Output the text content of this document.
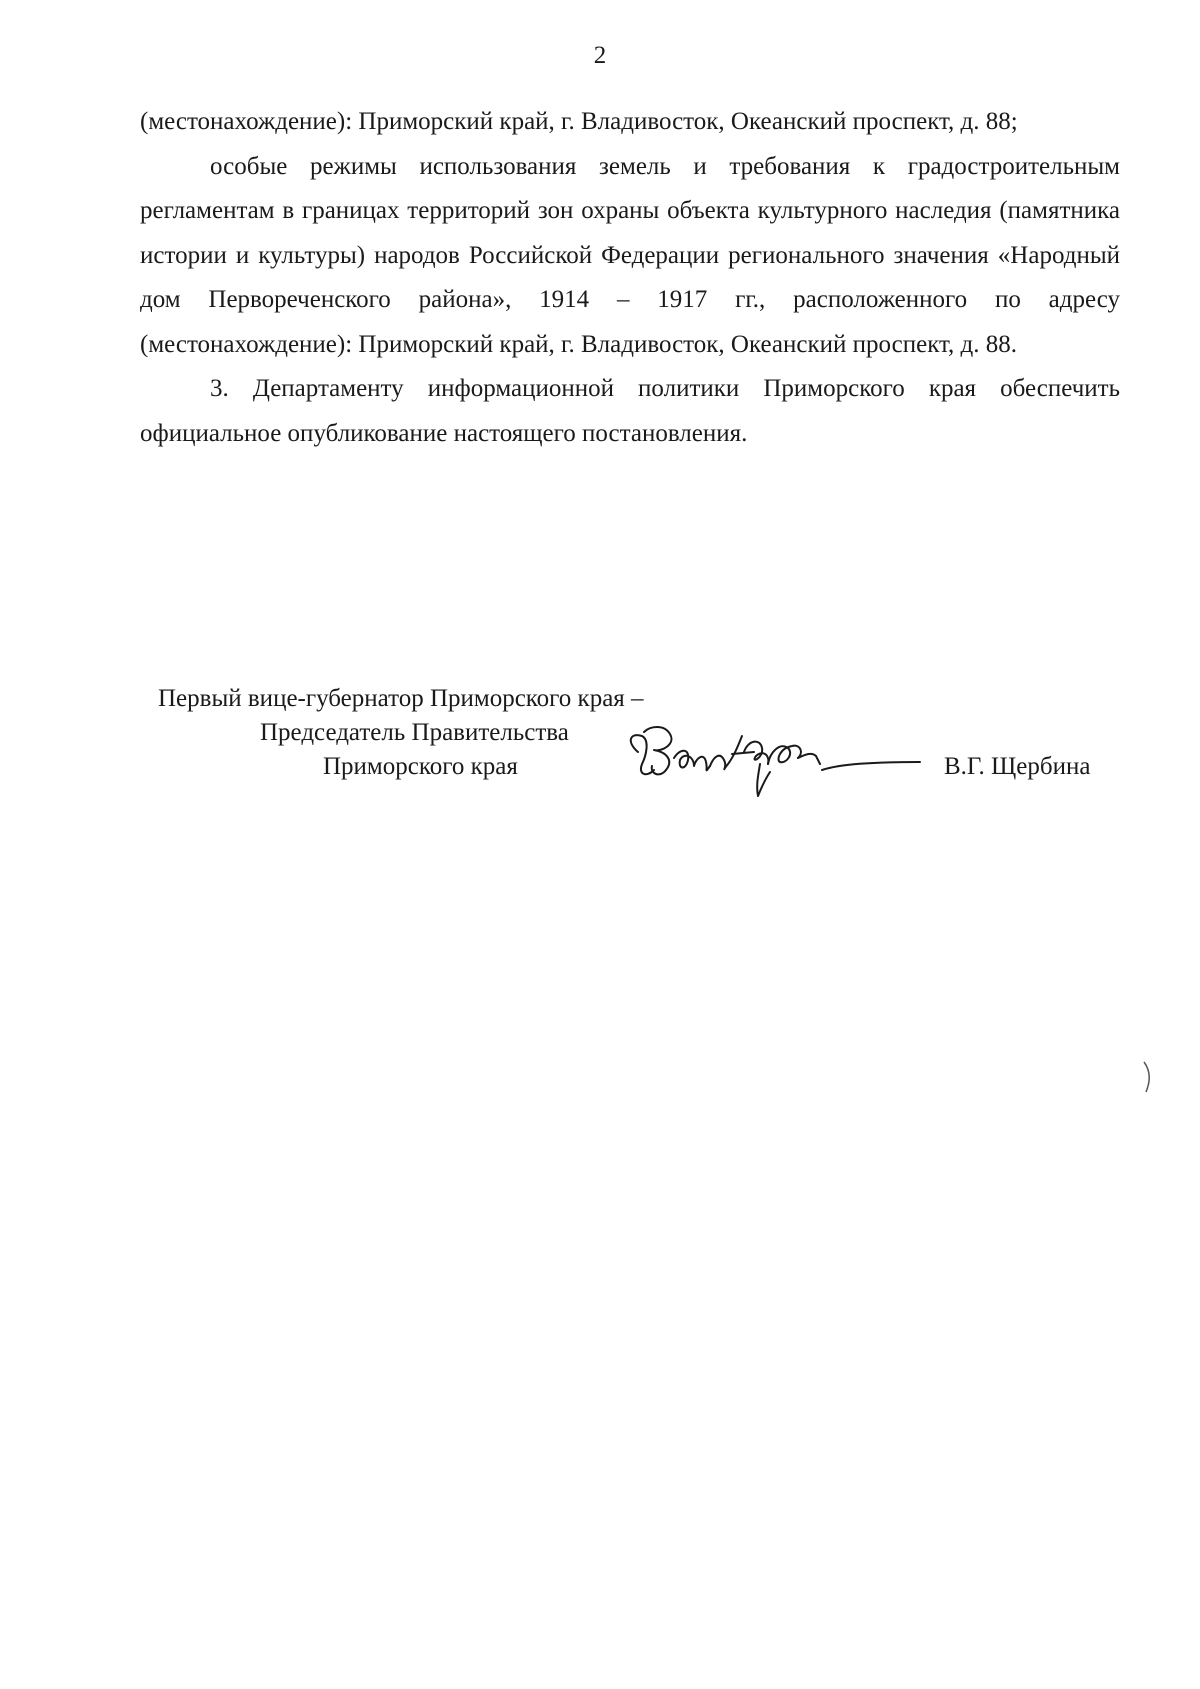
2

(местонахождение): Приморский край, г. Владивосток, Океанский проспект, д. 88;

особые режимы использования земель и требования к градостроительным регламентам в границах территорий зон охраны объекта культурного наследия (памятника истории и культуры) народов Российской Федерации регионального значения «Народный дом Первореченского района», 1914 – 1917 гг., расположенного по адресу (местонахождение): Приморский край, г. Владивосток, Океанский проспект, д. 88.

3. Департаменту информационной политики Приморского края обеспечить официальное опубликование настоящего постановления.

Первый вице-губернатор Приморского края –
Председатель Правительства
Приморского края	В.Г. Щербина
